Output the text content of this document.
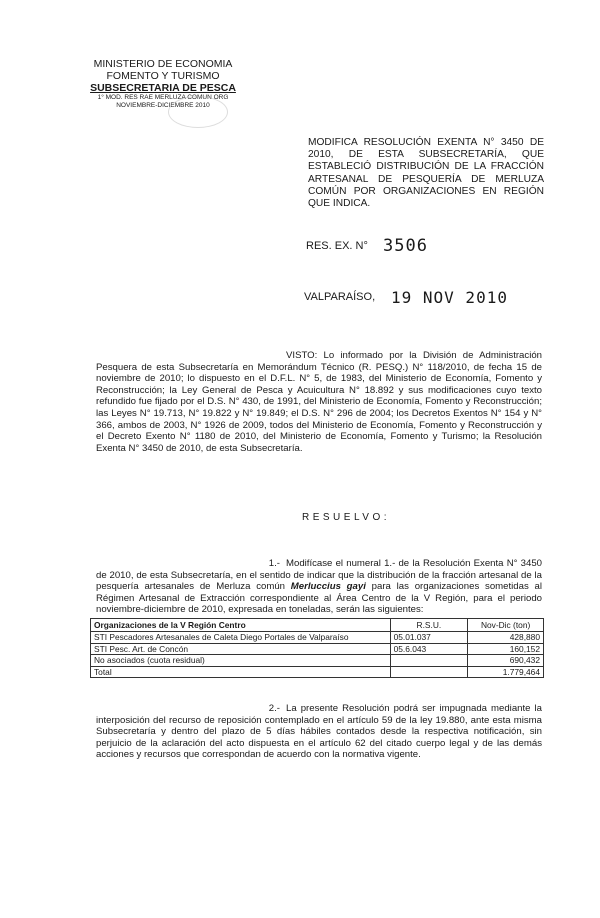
MINISTERIO DE ECONOMIA
FOMENTO Y TURISMO
SUBSECRETARIA DE PESCA
1° MOD. RES RAE MERLUZA COMUN ORG
NOVIEMBRE-DICIEMBRE 2010
MODIFICA RESOLUCIÓN EXENTA N° 3450 DE 2010, DE ESTA SUBSECRETARÍA, QUE ESTABLECIÓ DISTRIBUCIÓN DE LA FRACCIÓN ARTESANAL DE PESQUERÍA DE MERLUZA COMÚN POR ORGANIZACIONES EN REGIÓN QUE INDICA.
RES. EX. N° 3506
VALPARAÍSO, 19 NOV 2010
VISTO: Lo informado por la División de Administración Pesquera de esta Subsecretaría en Memorándum Técnico (R. PESQ.) N° 118/2010, de fecha 15 de noviembre de 2010; lo dispuesto en el D.F.L. N° 5, de 1983, del Ministerio de Economía, Fomento y Reconstrucción; la Ley General de Pesca y Acuicultura N° 18.892 y sus modificaciones cuyo texto refundido fue fijado por el D.S. N° 430, de 1991, del Ministerio de Economía, Fomento y Reconstrucción; las Leyes N° 19.713, N° 19.822 y N° 19.849; el D.S. N° 296 de 2004; los Decretos Exentos N° 154 y N° 366, ambos de 2003, N° 1926 de 2009, todos del Ministerio de Economía, Fomento y Reconstrucción y el Decreto Exento N° 1180 de 2010, del Ministerio de Economía, Fomento y Turismo; la Resolución Exenta N° 3450 de 2010, de esta Subsecretaría.
RESUELVO:
1.- Modifícase el numeral 1.- de la Resolución Exenta N° 3450 de 2010, de esta Subsecretaría, en el sentido de indicar que la distribución de la fracción artesanal de la pesquería artesanales de Merluza común Merluccius gayi para las organizaciones sometidas al Régimen Artesanal de Extracción correspondiente al Área Centro de la V Región, para el periodo noviembre-diciembre de 2010, expresada en toneladas, serán las siguientes:
Organizaciones de la V Región Centro	R.S.U.	Nov-Dic (ton)
STI Pescadores Artesanales de Caleta Diego Portales de Valparaíso	05.01.037	428,880
STI Pesc. Art. de Concón	05.6.043	160,152
No asociados (cuota residual)		690,432
Total		1.779,464
2.- La presente Resolución podrá ser impugnada mediante la interposición del recurso de reposición contemplado en el artículo 59 de la ley 19.880, ante esta misma Subsecretaría y dentro del plazo de 5 días hábiles contados desde la respectiva notificación, sin perjuicio de la aclaración del acto dispuesta en el artículo 62 del citado cuerpo legal y de las demás acciones y recursos que correspondan de acuerdo con la normativa vigente.
